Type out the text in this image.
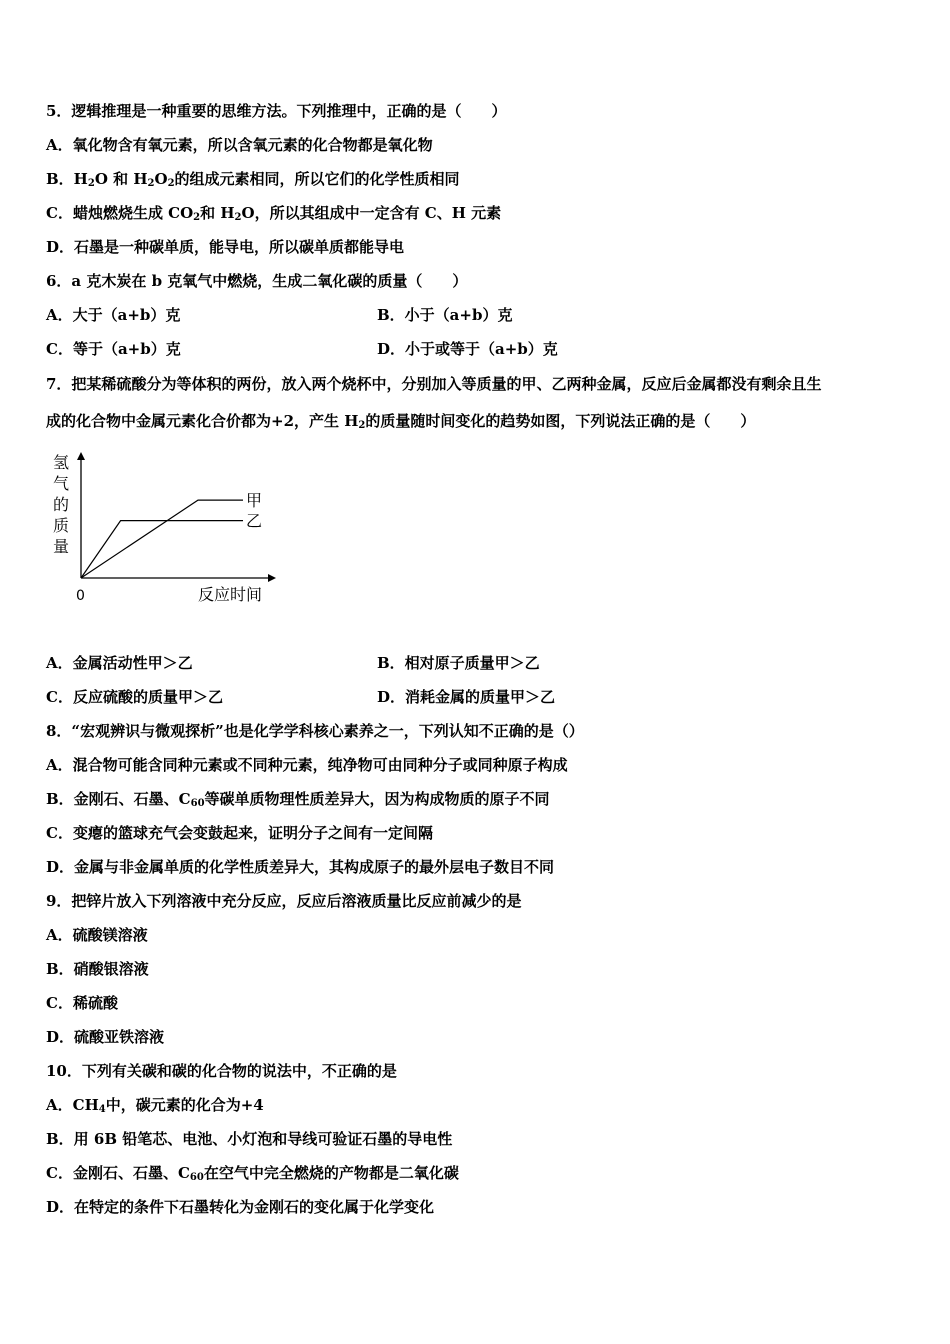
5．逻辑推理是一种重要的思维方法。下列推理中，正确的是（　　）
A．氧化物含有氧元素，所以含氧元素的化合物都是氧化物
B．$H_2O$ 和 $H_2O_2$的组成元素相同，所以它们的化学性质相同
C．蜡烛燃烧生成 $CO_2$和 $H_2O$，所以其组成中一定含有 C、H 元素
D．石墨是一种碳单质，能导电，所以碳单质都能导电
6．a 克木炭在 b 克氧气中燃烧，生成二氧化碳的质量（　　）
A．大于（a+b）克	B．小于（a+b）克
C．等于（a+b）克	D．小于或等于（a+b）克
7．把某稀硫酸分为等体积的两份，放入两个烧杯中，分别加入等质量的甲、乙两种金属，反应后金属都没有剩余且生
成的化合物中金属元素化合价都为+2，产生 $H_2$的质量随时间变化的趋势如图，下列说法正确的是（　　）
氢
气
的
质
量
甲
乙
0	反应时间
A．金属活动性甲＞乙	B．相对原子质量甲＞乙
C．反应硫酸的质量甲＞乙	D．消耗金属的质量甲＞乙
8．“宏观辨识与微观探析”也是化学学科核心素养之一，下列认知不正确的是（）
A．混合物可能含同种元素或不同种元素，纯净物可由同种分子或同种原子构成
B．金刚石、石墨、$C_{60}$等碳单质物理性质差异大，因为构成物质的原子不同
C．变瘪的篮球充气会变鼓起来，证明分子之间有一定间隔
D．金属与非金属单质的化学性质差异大，其构成原子的最外层电子数目不同
9．把锌片放入下列溶液中充分反应，反应后溶液质量比反应前减少的是
A．硫酸镁溶液
B．硝酸银溶液
C．稀硫酸
D．硫酸亚铁溶液
10．下列有关碳和碳的化合物的说法中，不正确的是
A．$CH_4$中，碳元素的化合为+4
B．用 6B 铅笔芯、电池、小灯泡和导线可验证石墨的导电性
C．金刚石、石墨、$C_{60}$在空气中完全燃烧的产物都是二氧化碳
D．在特定的条件下石墨转化为金刚石的变化属于化学变化
